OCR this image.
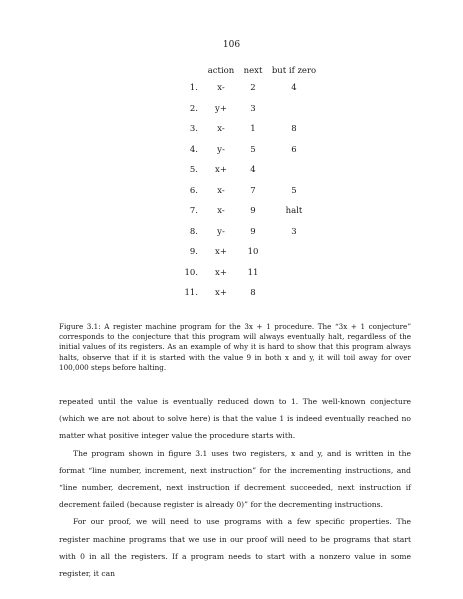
106
	action	next	but if zero
1.	x-	2	4
2.	y+	3	
3.	x-	1	8
4.	y-	5	6
5.	x+	4	
6.	x-	7	5
7.	x-	9	halt
8.	y-	9	3
9.	x+	10	
10.	x+	11	
11.	x+	8	
Figure 3.1: A register machine program for the 3x + 1 procedure. The “3x + 1 conjecture” corresponds to the conjecture that this program will always eventually halt, regardless of the initial values of its registers. As an example of why it is hard to show that this program always halts, observe that if it is started with the value 9 in both x and y, it will toil away for over 100,000 steps before halting.

repeated until the value is eventually reduced down to 1. The well-known conjecture (which we are not about to solve here) is that the value 1 is indeed eventually reached no matter what positive integer value the procedure starts with.

The program shown in figure 3.1 uses two registers, x and y, and is written in the format “line number, increment, next instruction” for the incrementing instructions, and “line number, decrement, next instruction if decrement succeeded, next instruction if decrement failed (because register is already 0)” for the decrementing instructions.

For our proof, we will need to use programs with a few specific properties. The register machine programs that we use in our proof will need to be programs that start with 0 in all the registers. If a program needs to start with a nonzero value in some register, it can
